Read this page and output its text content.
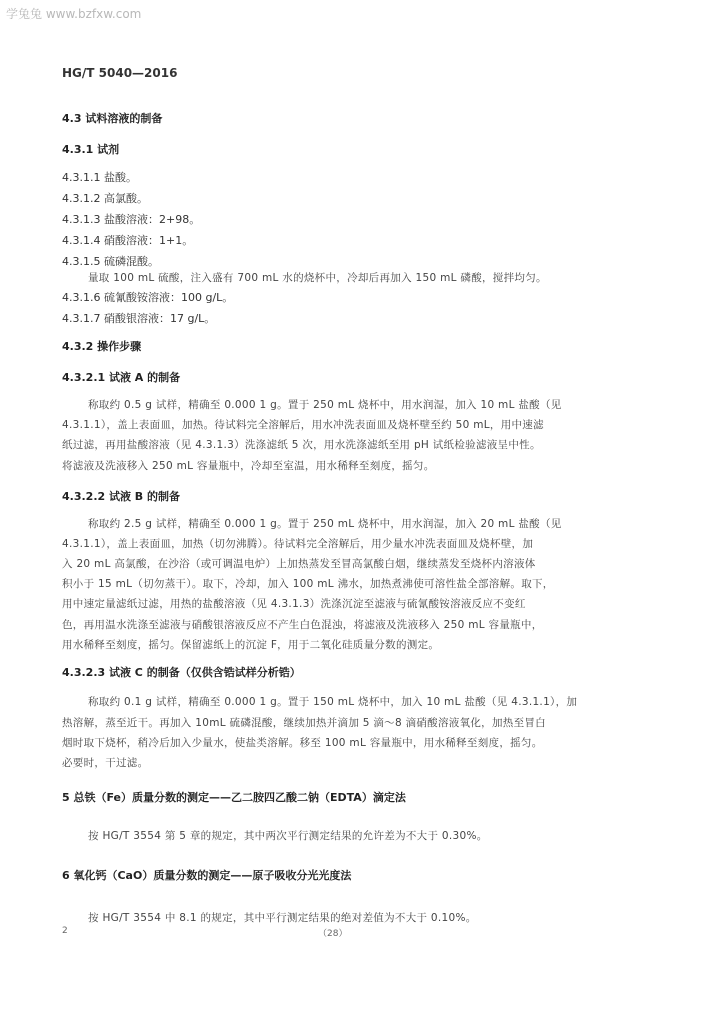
学兔兔 www.bzfxw.com
HG/T 5040—2016
4.3 试料溶液的制备
4.3.1 试剂
4.3.1.1 盐酸。
4.3.1.2 高氯酸。
4.3.1.3 盐酸溶液：2+98。
4.3.1.4 硝酸溶液：1+1。
4.3.1.5 硫磷混酸。
量取 100 mL 硫酸，注入盛有 700 mL 水的烧杯中，冷却后再加入 150 mL 磷酸，搅拌均匀。
4.3.1.6 硫氰酸铵溶液：100 g/L。
4.3.1.7 硝酸银溶液：17 g/L。
4.3.2 操作步骤
4.3.2.1 试液 A 的制备
称取约 0.5 g 试样，精确至 0.000 1 g。置于 250 mL 烧杯中，用水润湿，加入 10 mL 盐酸（见
4.3.1.1），盖上表面皿，加热。待试料完全溶解后，用水冲洗表面皿及烧杯壁至约 50 mL，用中速滤
纸过滤，再用盐酸溶液（见 4.3.1.3）洗涤滤纸 5 次，用水洗涤滤纸至用 pH 试纸检验滤液呈中性。
将滤液及洗液移入 250 mL 容量瓶中，冷却至室温，用水稀释至刻度，摇匀。
4.3.2.2 试液 B 的制备
称取约 2.5 g 试样，精确至 0.000 1 g。置于 250 mL 烧杯中，用水润湿，加入 20 mL 盐酸（见
4.3.1.1），盖上表面皿，加热（切勿沸腾）。待试料完全溶解后，用少量水冲洗表面皿及烧杯壁，加
入 20 mL 高氯酸，在沙浴（或可调温电炉）上加热蒸发至冒高氯酸白烟，继续蒸发至烧杯内溶液体
积小于 15 mL（切勿蒸干）。取下，冷却，加入 100 mL 沸水，加热煮沸使可溶性盐全部溶解。取下，
用中速定量滤纸过滤，用热的盐酸溶液（见 4.3.1.3）洗涤沉淀至滤液与硫氰酸铵溶液反应不变红
色，再用温水洗涤至滤液与硝酸银溶液反应不产生白色混浊，将滤液及洗液移入 250 mL 容量瓶中，
用水稀释至刻度，摇匀。保留滤纸上的沉淀 F，用于二氧化硅质量分数的测定。
4.3.2.3 试液 C 的制备（仅供含锆试样分析锆）
称取约 0.1 g 试样，精确至 0.000 1 g。置于 150 mL 烧杯中，加入 10 mL 盐酸（见 4.3.1.1），加
热溶解，蒸至近干。再加入 10mL 硫磷混酸，继续加热并滴加 5 滴～8 滴硝酸溶液氧化，加热至冒白
烟时取下烧杯，稍冷后加入少量水，使盐类溶解。移至 100 mL 容量瓶中，用水稀释至刻度，摇匀。
必要时，干过滤。
5 总铁（Fe）质量分数的测定——乙二胺四乙酸二钠（EDTA）滴定法
按 HG/T 3554 第 5 章的规定，其中两次平行测定结果的允许差为不大于 0.30%。
6 氧化钙（CaO）质量分数的测定——原子吸收分光光度法
按 HG/T 3554 中 8.1 的规定，其中平行测定结果的绝对差值为不大于 0.10%。
2	（28）
